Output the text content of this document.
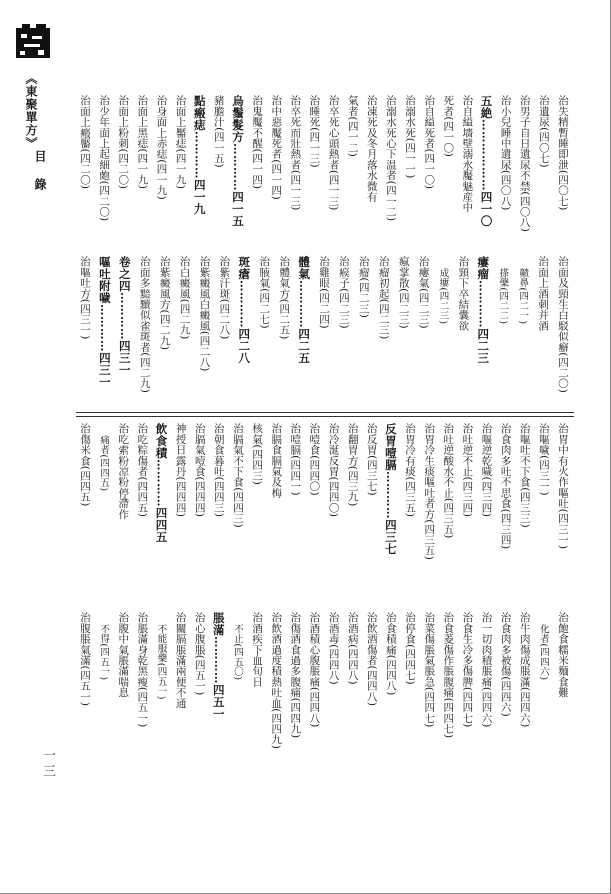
《東聚單方》
目錄
一三
治失精暫睡即泄(四〇七)
治遺尿(四〇七)
治男子自日遺尿不禁(四〇八)
治小兒睡中遺尿(四〇八)
五絶………………四一〇
治自縊墻壁溺水魘魅産中
死者(四一〇)
治自縊死者(四一〇)
治溺水死(四一一)
治溺水死心下温者(四一二)
治凍死及冬月落水微有
氣者(四一二)
治卒死心頭熱者(四一三)
治睡死(四一三)
治卒死而壯熱者(四一三)
治中惡魘死者(四一四)
治鬼魘不醒(四一四)
烏鬚髮方…………四一五
豬膽汁(四一五)
點瘢痣…………四一九
治面上靨痣(四一九)
治身面上赤痣(四一九)
治面上黑痣(四一九)
治面上粉刺(四二〇)
治少年面上起細皰(四二〇)
治面上瘢靨(四二〇)
治面及頸生白駁似癬(四二〇)
治面上酒刺并酒
齄鼻(四二一)
搽藥(四二二)
瘻瘤…………四二三
治頸下卒結囊欲
成瘻(四二三)
治瘻氣(四二三)
瘋掌散(四二三)
治瘤初起(四二三)
治瘤(四二三)
治瘊子(四二三)
治雞眼(四二四)
體氣…………四二五
治體氣方(四二五)
治腋氣(四二七)
斑瘡…………四二八
治紫汗斑(四二八)
治紫癜風白癜風(四二八)
治白癜風(四二九)
治紫癜風方(四二九)
治面多黯黷似雀斑者(四二九)
卷之四…………四三一
嘔吐附噦…………四三一
治嘔吐方(四三一)
治胃中有火作嘔吐(四三一)
治嘔噦(四三一)
治嘔吐不下食(四三三)
治食肉多吐不思食(四三四)
治嘔逆乾噦(四三四)
治吐逆不止(四三四)
治吐逆酸水不止(四三五)
治胃冷生痰嘔吐者方(四三五)
治胃冷有痰(四三五)
反胃噎膈…………四三七
治反胃(四三七)
治翻胃方(四三九)
治冷涎反胃(四四〇)
治噎食(四四〇)
治噎膈(四四一)
治膈食膈氣及梅
核氣(四四三)
治膈氣不下食(四四三)
治朝食暮吐(四四三)
治膈氣噎食(四四四)
神授日露丹(四四四)
飲食積…………四四五
治吃粽傷者(四四五)
治吃索粉凉粉停滯作
痛者(四四五)
治傷米食(四四五)
治飽食糯米麵食難
化者(四四六)
治牛肉傷成脹滿(四四六)
治食肉多被傷(四四六)
治一切肉積脹痛(四四六)
治食生冷多傷脾(四四七)
治食菱傷作脹腹痛(四四七)
治菜傷脹氣脹急(四四七)
治停食(四四七)
治食積痛(四四八)
治飲酒傷者(四四八)
治酒病(四四八)
治酒毒(四四八)
治酒積心腹脹痛(四四八)
治傷酒食過多腹痛(四四九)
治飲酒過度積熱吐血(四四九)
治酒疾下血旬日
不止(四五〇)
脹滿…………四五一
治心腹脹(四五一)
治關膈脹滿兩便不通
不能服藥(四五一)
治脹滿身乾黑瘦(四五一)
治腹中氣脹滿喘息
不得(四五一)
治腹脹氣滿(四五一)
